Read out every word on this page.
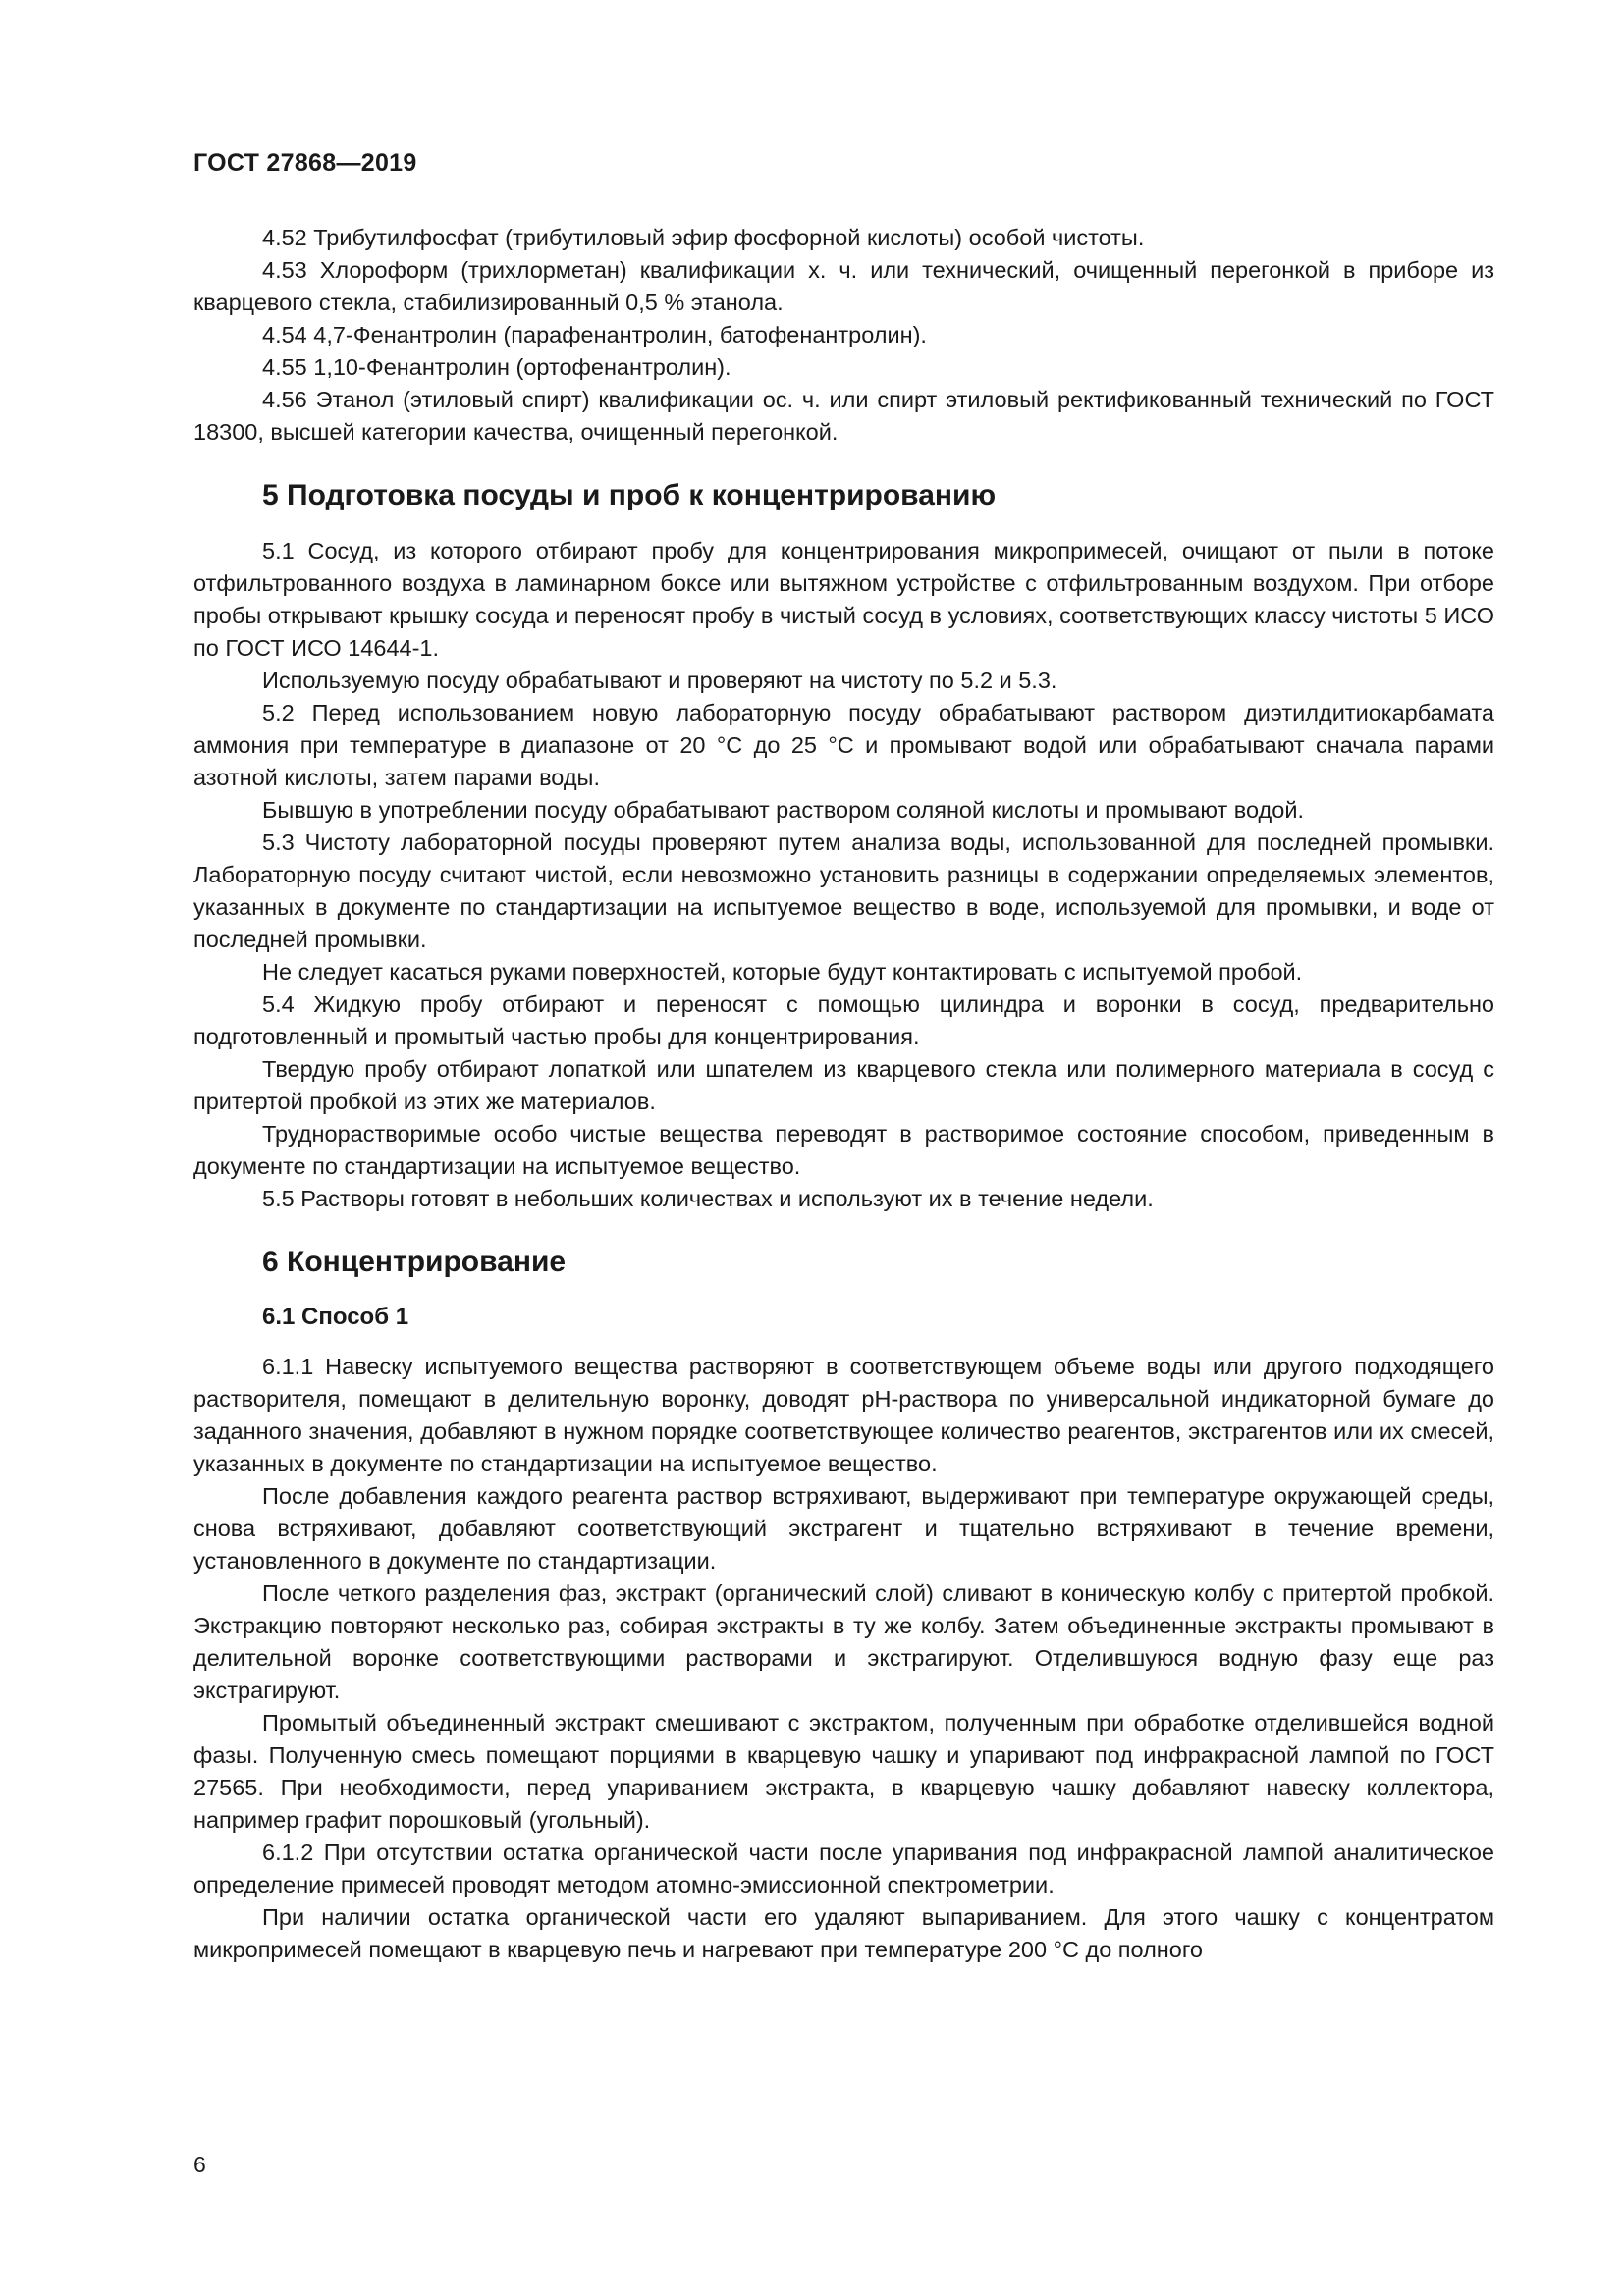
ГОСТ 27868—2019

4.52 Трибутилфосфат (трибутиловый эфир фосфорной кислоты) особой чистоты.

4.53 Хлороформ (трихлорметан) квалификации х. ч. или технический, очищенный перегонкой в приборе из кварцевого стекла, стабилизированный 0,5 % этанола.

4.54 4,7-Фенантролин (парафенантролин, батофенантролин).

4.55 1,10-Фенантролин (ортофенантролин).

4.56 Этанол (этиловый спирт) квалификации ос. ч. или спирт этиловый ректификованный технический по ГОСТ 18300, высшей категории качества, очищенный перегонкой.

5 Подготовка посуды и проб к концентрированию

5.1 Сосуд, из которого отбирают пробу для концентрирования микропримесей, очищают от пыли в потоке отфильтрованного воздуха в ламинарном боксе или вытяжном устройстве с отфильтрованным воздухом. При отборе пробы открывают крышку сосуда и переносят пробу в чистый сосуд в условиях, соответствующих классу чистоты 5 ИСО по ГОСТ ИСО 14644-1.

Используемую посуду обрабатывают и проверяют на чистоту по 5.2 и 5.3.

5.2 Перед использованием новую лабораторную посуду обрабатывают раствором диэтилдитиокарбамата аммония при температуре в диапазоне от 20 °С до 25 °С и промывают водой или обрабатывают сначала парами азотной кислоты, затем парами воды.

Бывшую в употреблении посуду обрабатывают раствором соляной кислоты и промывают водой.

5.3 Чистоту лабораторной посуды проверяют путем анализа воды, использованной для последней промывки. Лабораторную посуду считают чистой, если невозможно установить разницы в содержании определяемых элементов, указанных в документе по стандартизации на испытуемое вещество в воде, используемой для промывки, и воде от последней промывки.

Не следует касаться руками поверхностей, которые будут контактировать с испытуемой пробой.

5.4 Жидкую пробу отбирают и переносят с помощью цилиндра и воронки в сосуд, предварительно подготовленный и промытый частью пробы для концентрирования.

Твердую пробу отбирают лопаткой или шпателем из кварцевого стекла или полимерного материала в сосуд с притертой пробкой из этих же материалов.

Труднорастворимые особо чистые вещества переводят в растворимое состояние способом, приведенным в документе по стандартизации на испытуемое вещество.

5.5 Растворы готовят в небольших количествах и используют их в течение недели.

6 Концентрирование
6.1 Способ 1

6.1.1 Навеску испытуемого вещества растворяют в соответствующем объеме воды или другого подходящего растворителя, помещают в делительную воронку, доводят pH-раствора по универсальной индикаторной бумаге до заданного значения, добавляют в нужном порядке соответствующее количество реагентов, экстрагентов или их смесей, указанных в документе по стандартизации на испытуемое вещество.

После добавления каждого реагента раствор встряхивают, выдерживают при температуре окружающей среды, снова встряхивают, добавляют соответствующий экстрагент и тщательно встряхивают в течение времени, установленного в документе по стандартизации.

После четкого разделения фаз, экстракт (органический слой) сливают в коническую колбу с притертой пробкой. Экстракцию повторяют несколько раз, собирая экстракты в ту же колбу. Затем объединенные экстракты промывают в делительной воронке соответствующими растворами и экстрагируют. Отделившуюся водную фазу еще раз экстрагируют.

Промытый объединенный экстракт смешивают с экстрактом, полученным при обработке отделившейся водной фазы. Полученную смесь помещают порциями в кварцевую чашку и упаривают под инфракрасной лампой по ГОСТ 27565. При необходимости, перед упариванием экстракта, в кварцевую чашку добавляют навеску коллектора, например графит порошковый (угольный).

6.1.2 При отсутствии остатка органической части после упаривания под инфракрасной лампой аналитическое определение примесей проводят методом атомно-эмиссионной спектрометрии.

При наличии остатка органической части его удаляют выпариванием. Для этого чашку с концентратом микропримесей помещают в кварцевую печь и нагревают при температуре 200 °С до полного

6
